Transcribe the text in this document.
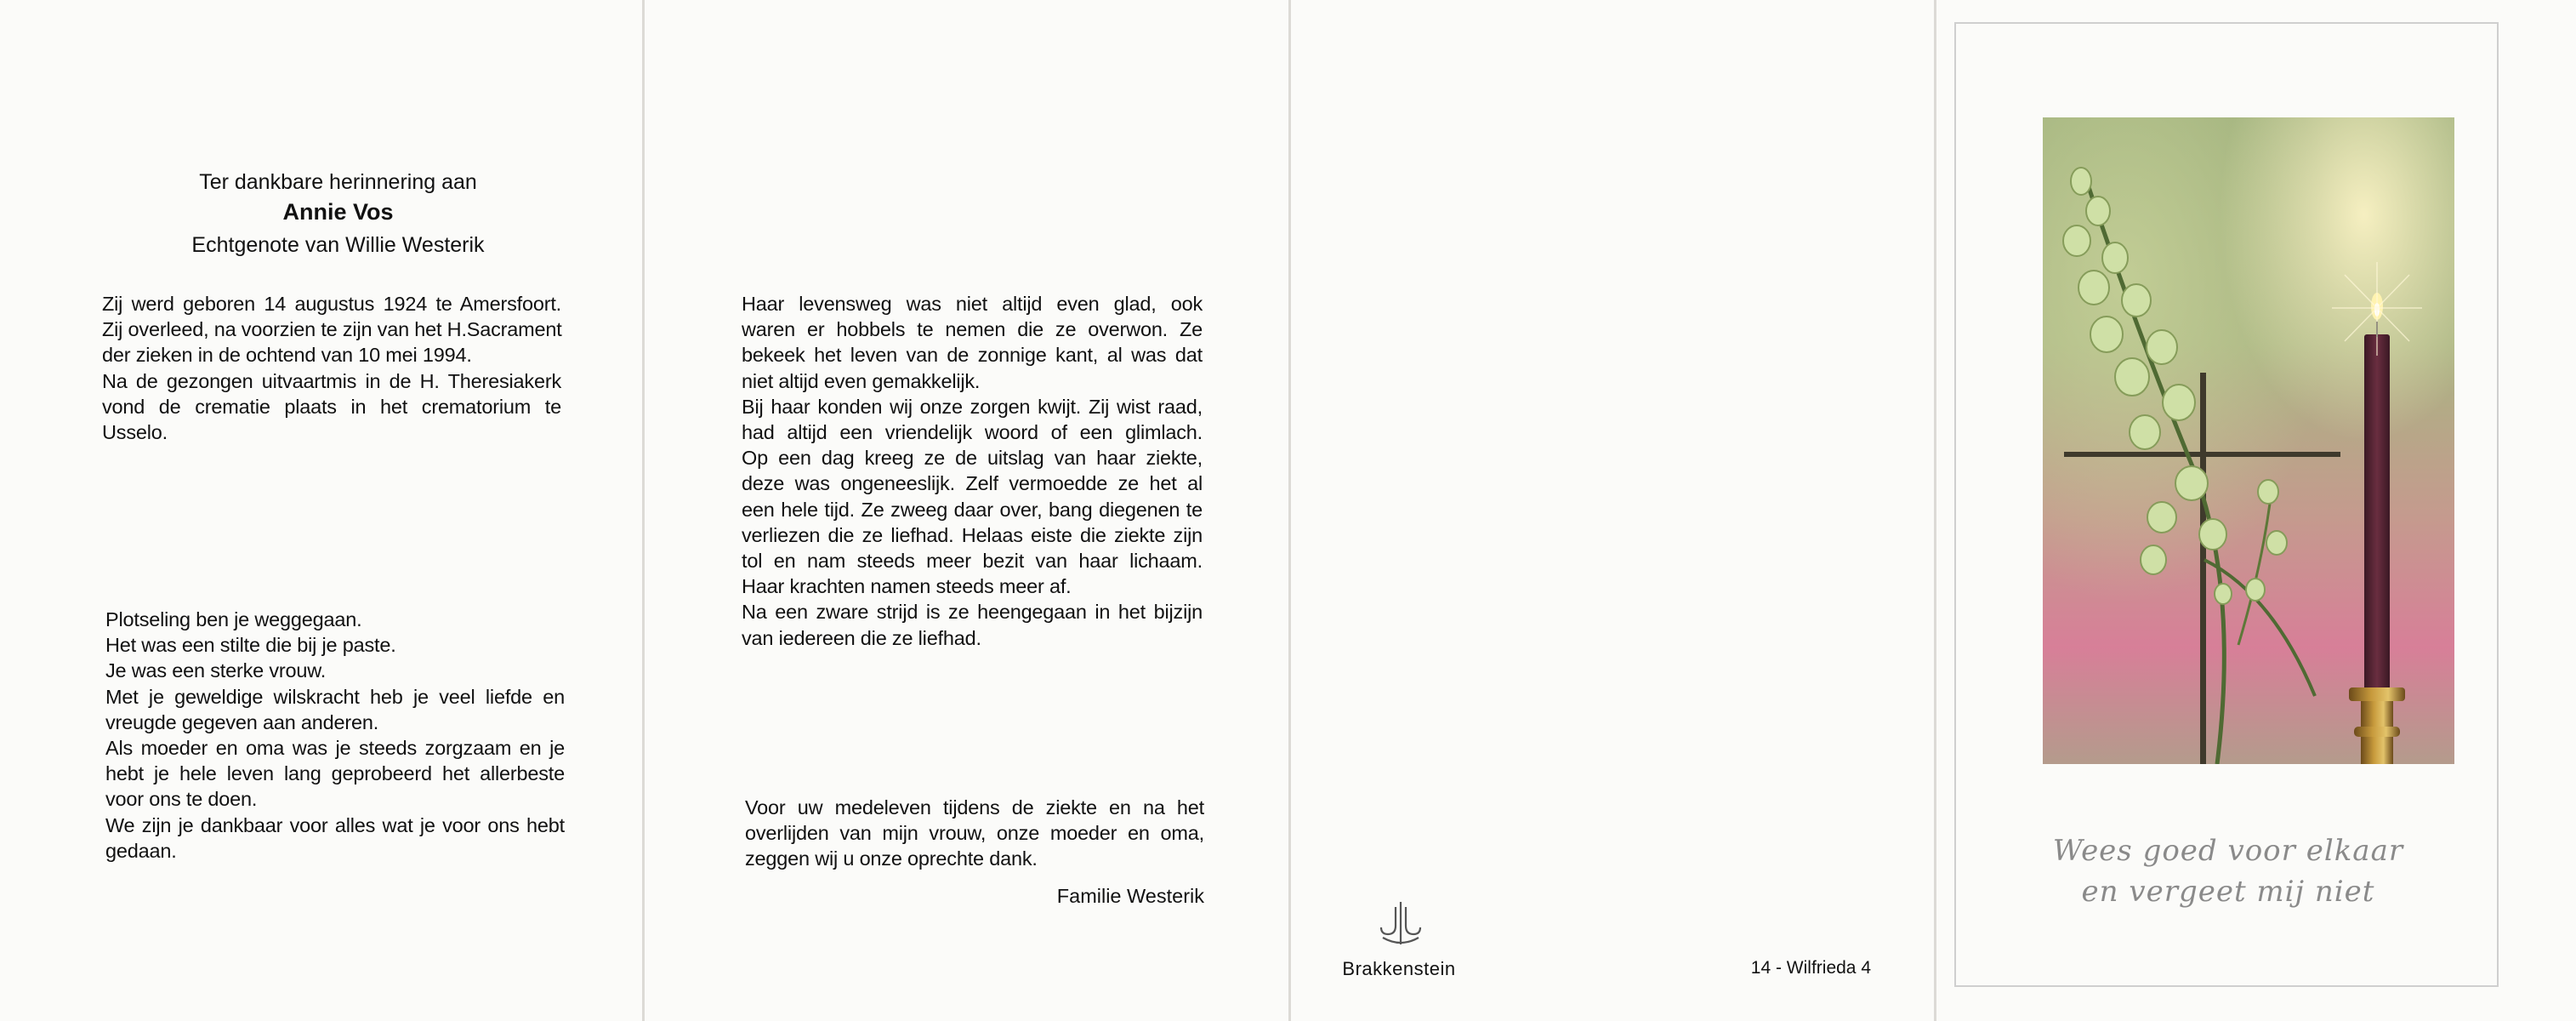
Ter dankbare herinnering aan
Annie Vos
Echtgenote van Willie Westerik
Zij werd geboren 14 augustus 1924 te Amersfoort.
Zij overleed, na voorzien te zijn van het H.Sacrament
der zieken in de ochtend van 10 mei 1994.
Na de gezongen uitvaartmis in de H. Theresiakerk
vond de crematie plaats in het crematorium te
Usselo.
Plotseling ben je weggegaan.
Het was een stilte die bij je paste.
Je was een sterke vrouw.
Met je geweldige wilskracht heb je veel liefde en
vreugde gegeven aan anderen.
Als moeder en oma was je steeds zorgzaam en je
hebt je hele leven lang geprobeerd het allerbeste
voor ons te doen.
We zijn je dankbaar voor alles wat je voor ons hebt
gedaan.
Haar levensweg was niet altijd even glad, ook
waren er hobbels te nemen die ze overwon. Ze
bekeek het leven van de zonnige kant, al was dat
niet altijd even gemakkelijk.
Bij haar konden wij onze zorgen kwijt. Zij wist raad,
had altijd een vriendelijk woord of een glimlach.
Op een dag kreeg ze de uitslag van haar ziekte,
deze was ongeneeslijk. Zelf vermoedde ze het al
een hele tijd. Ze zweeg daar over, bang diegenen te
verliezen die ze liefhad. Helaas eiste die ziekte zijn
tol en nam steeds meer bezit van haar lichaam.
Haar krachten namen steeds meer af.
Na een zware strijd is ze heengegaan in het bijzijn
van iedereen die ze liefhad.
Voor uw medeleven tijdens de ziekte en na het
overlijden van mijn vrouw, onze moeder en oma,
zeggen wij u onze oprechte dank.
Familie Westerik
Brakkenstein	14 - Wilfrieda 4
Wees goed voor elkaar
en vergeet mij niet
